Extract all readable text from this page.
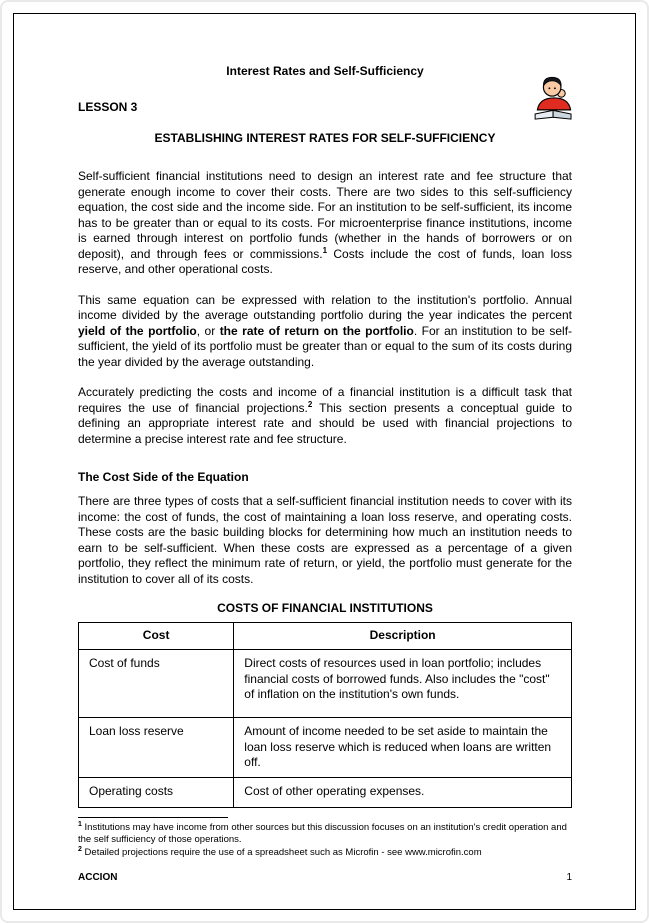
Interest Rates and Self-Sufficiency
LESSON 3
ESTABLISHING INTEREST RATES FOR SELF-SUFFICIENCY

Self-sufficient financial institutions need to design an interest rate and fee structure that generate enough income to cover their costs. There are two sides to this self-sufficiency equation, the cost side and the income side. For an institution to be self-sufficient, its income has to be greater than or equal to its costs. For microenterprise finance institutions, income is earned through interest on portfolio funds (whether in the hands of borrowers or on deposit), and through fees or commissions.$^1$ Costs include the cost of funds, loan loss reserve, and other operational costs.

This same equation can be expressed with relation to the institution's portfolio. Annual income divided by the average outstanding portfolio during the year indicates the percent yield of the portfolio, or the rate of return on the portfolio. For an institution to be self-sufficient, the yield of its portfolio must be greater than or equal to the sum of its costs during the year divided by the average outstanding.

Accurately predicting the costs and income of a financial institution is a difficult task that requires the use of financial projections.$^2$ This section presents a conceptual guide to defining an appropriate interest rate and should be used with financial projections to determine a precise interest rate and fee structure.

The Cost Side of the Equation

There are three types of costs that a self-sufficient financial institution needs to cover with its income: the cost of funds, the cost of maintaining a loan loss reserve, and operating costs. These costs are the basic building blocks for determining how much an institution needs to earn to be self-sufficient. When these costs are expressed as a percentage of a given portfolio, they reflect the minimum rate of return, or yield, the portfolio must generate for the institution to cover all of its costs.

COSTS OF FINANCIAL INSTITUTIONS
Cost	Description
Cost of funds	Direct costs of resources used in loan portfolio; includes financial costs of borrowed funds. Also includes the "cost" of inflation on the institution's own funds.
Loan loss reserve	Amount of income needed to be set aside to maintain the loan loss reserve which is reduced when loans are written off.
Operating costs	Cost of other operating expenses.
$^1$ Institutions may have income from other sources but this discussion focuses on an institution's credit operation and the self sufficiency of those operations.
$^2$ Detailed projections require the use of a spreadsheet such as Microfin - see www.microfin.com
ACCION	1
